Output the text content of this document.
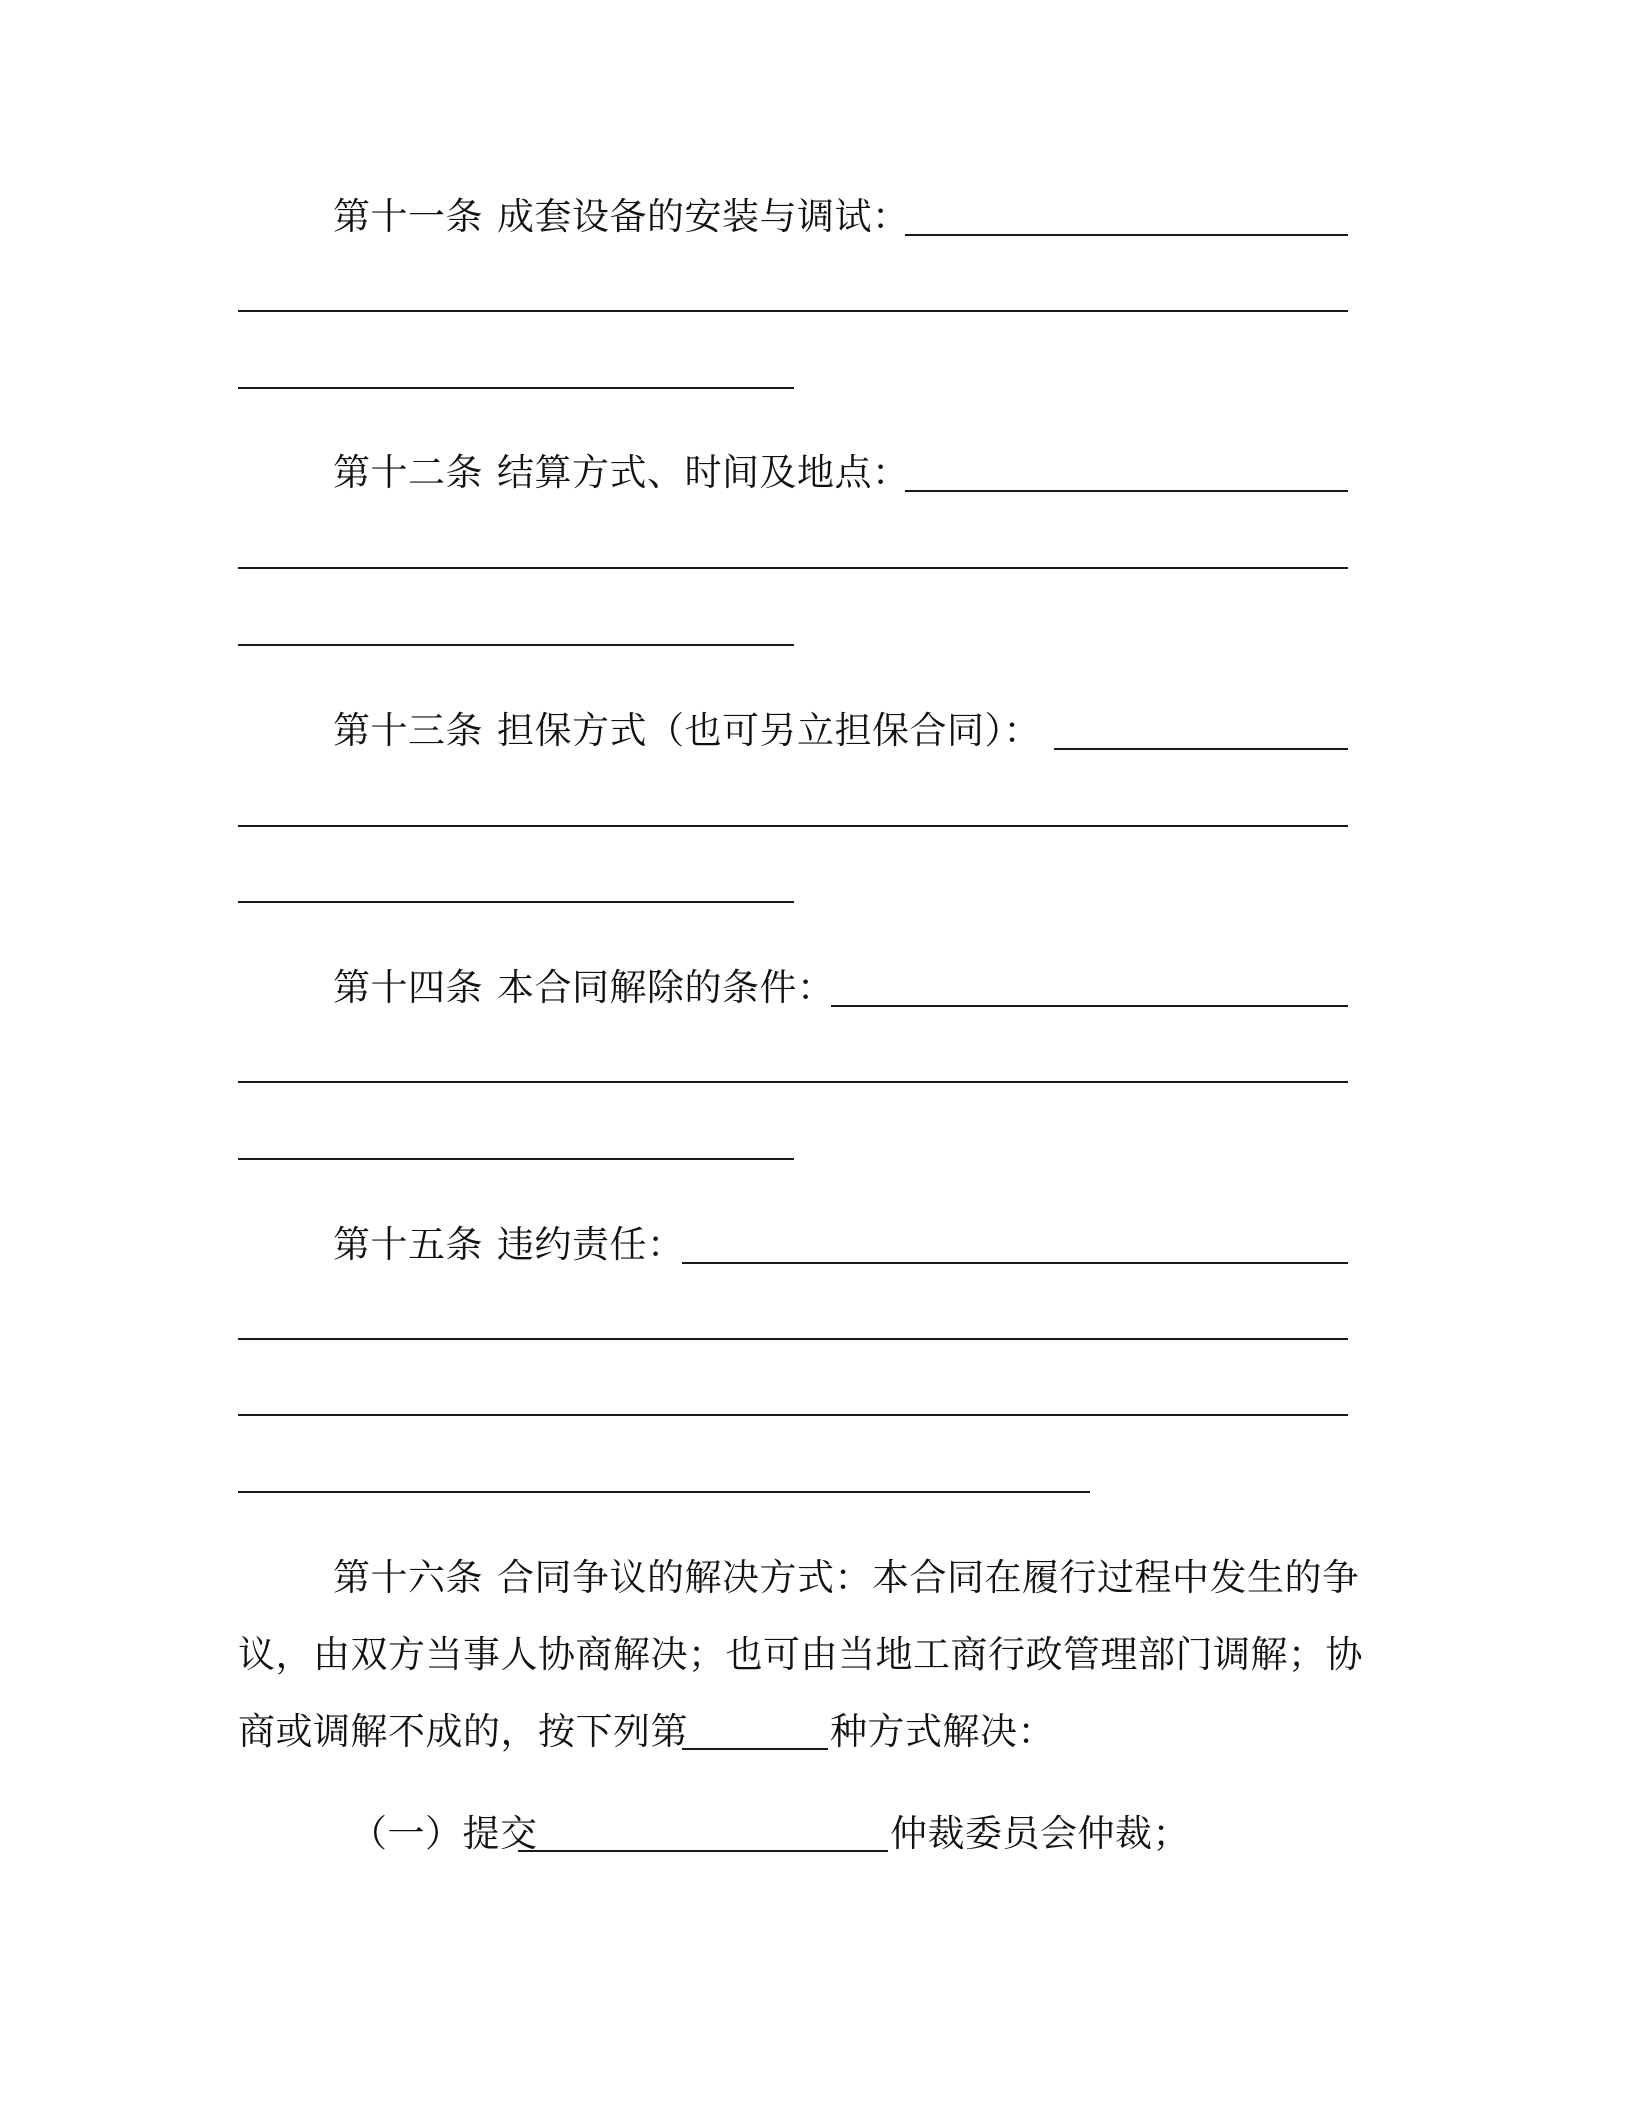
第十一条 成套设备的安装与调试：
第十二条 结算方式、时间及地点：
第十三条 担保方式（也可另立担保合同）：
第十四条 本合同解除的条件：
第十五条 违约责任：
第十六条 合同争议的解决方式：本合同在履行过程中发生的争
议，由双方当事人协商解决；也可由当地工商行政管理部门调解；协
商或调解不成的，按下列第	种方式解决：
（一）提交	仲裁委员会仲裁；
